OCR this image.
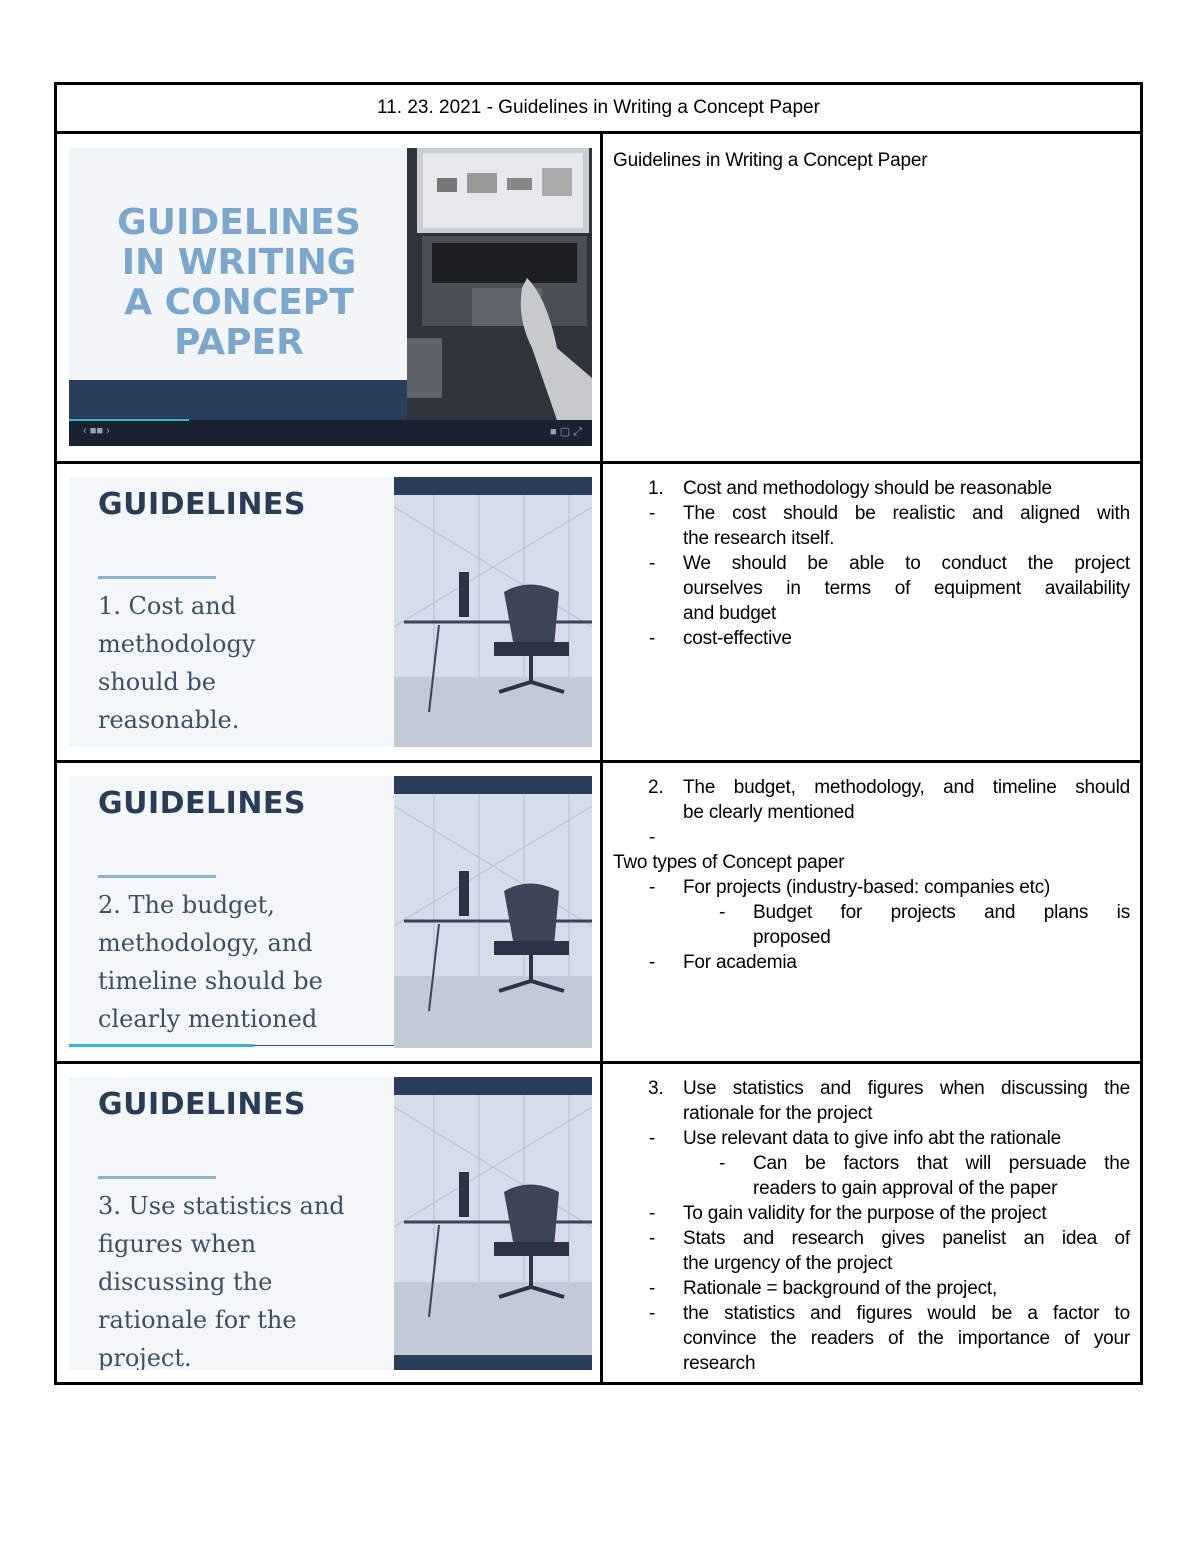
11. 23. 2021 - Guidelines in Writing a Concept Paper
GUIDELINES
IN WRITING
A CONCEPT
PAPER
‹ ■■ ›	■ ▢ ⤢
Guidelines in Writing a Concept Paper
GUIDELINES
1. Cost and
methodology
should be
reasonable.
1. Cost and methodology should be reasonable
- The cost should be realistic and aligned with
the research itself.
- We should be able to conduct the project
ourselves in terms of equipment availability
and budget
- cost-effective
GUIDELINES
2. The budget,
methodology, and
timeline should be
clearly mentioned
2. The budget, methodology, and timeline should
be clearly mentioned
-
Two types of Concept paper
- For projects (industry-based: companies etc)
- Budget for projects and plans is
proposed
- For academia
GUIDELINES
3. Use statistics and
figures when
discussing the
rationale for the
project.
3. Use statistics and figures when discussing the
rationale for the project
- Use relevant data to give info abt the rationale
- Can be factors that will persuade the
readers to gain approval of the paper
- To gain validity for the purpose of the project
- Stats and research gives panelist an idea of
the urgency of the project
- Rationale = background of the project,
- the statistics and figures would be a factor to
convince the readers of the importance of your
research
